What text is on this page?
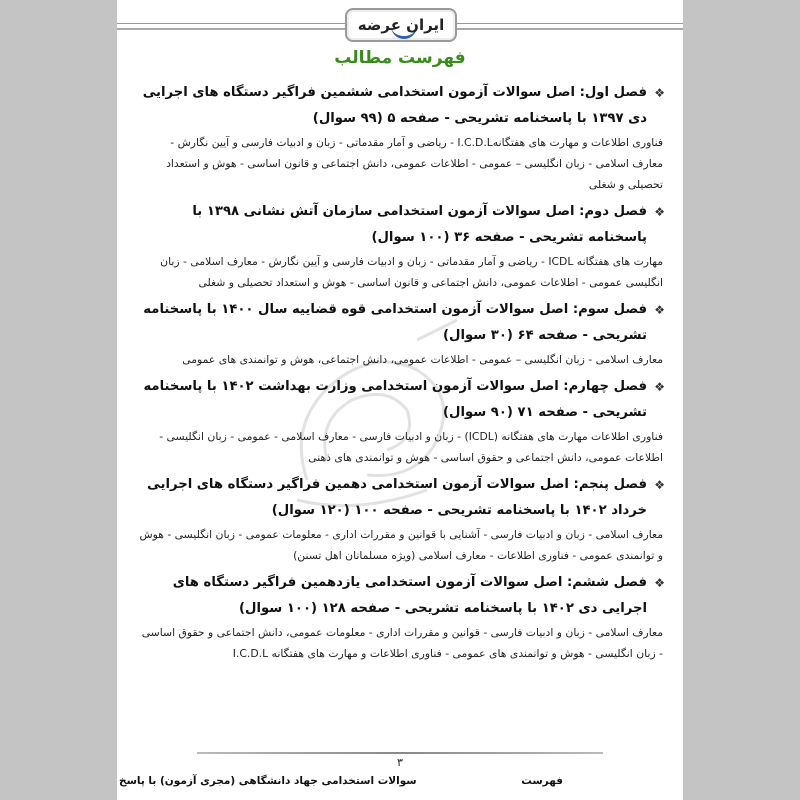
ایران عرضه
فهرست مطالب
❖
فصل اول: اصل سوالات آزمون استخدامی ششمین فراگیر دستگاه های اجرایی دی ۱۳۹۷ با پاسخنامه تشریحی - صفحه ۵ (۹۹ سوال)
فناوری اطلاعات و مهارت های هفتگانهI.C.D.L - ریاضی و آمار مقدماتی - زبان و ادبیات فارسی و آیین نگارش - معارف اسلامی - زبان انگلیسی – عمومی - اطلاعات عمومی، دانش اجتماعی و قانون اساسی - هوش و استعداد تحصیلی و شغلی
❖
فصل دوم: اصل سوالات آزمون استخدامی سازمان آتش نشانی ۱۳۹۸ با پاسخنامه تشریحی - صفحه ۳۶ (۱۰۰ سوال)
مهارت های هفتگانه ICDL - ریاضی و آمار مقدماتی - زبان و ادبیات فارسی و آیین نگارش - معارف اسلامی - زبان انگلیسی عمومی - اطلاعات عمومی، دانش اجتماعی و قانون اساسی - هوش و استعداد تحصیلی و شغلی
❖
فصل سوم: اصل سوالات آزمون استخدامی قوه قضاییه سال ۱۴۰۰ با پاسخنامه تشریحی - صفحه ۶۴ (۳۰ سوال)
معارف اسلامی - زبان انگلیسی – عمومی - اطلاعات عمومی، دانش اجتماعی، هوش و توانمندی های عمومی
❖
فصل چهارم: اصل سوالات آزمون استخدامی وزارت بهداشت ۱۴۰۲ با پاسخنامه تشریحی - صفحه ۷۱ (۹۰ سوال)
فناوری اطلاعات مهارت های هفتگانه (ICDL) - زبان و ادبیات فارسی - معارف اسلامی - عمومی - زبان انگلیسی - اطلاعات عمومی، دانش اجتماعی و حقوق اساسی - هوش و توانمندی های ذهنی
❖
فصل پنجم: اصل سوالات آزمون استخدامی دهمین فراگیر دستگاه های اجرایی خرداد ۱۴۰۲ با پاسخنامه تشریحی - صفحه ۱۰۰ (۱۲۰ سوال)
معارف اسلامی - زبان و ادبیات فارسی - آشنایی با قوانین و مقررات اداری - معلومات عمومی - زبان انگلیسی - هوش و توانمندی عمومی - فناوری اطلاعات - معارف اسلامی (ویژه مسلمانان اهل تسنن)
❖
فصل ششم: اصل سوالات آزمون استخدامی یازدهمین فراگیر دستگاه های اجرایی دی ۱۴۰۲ با پاسخنامه تشریحی - صفحه ۱۲۸ (۱۰۰ سوال)
معارف اسلامی - زبان و ادبیات فارسی - قوانین و مقررات اداری - معلومات عمومی، دانش اجتماعی و حقوق اساسی - زبان انگلیسی - هوش و توانمندی های عمومی - فناوری اطلاعات و مهارت های هفتگانه I.C.D.L
۳
فهرست
سوالات استخدامی جهاد دانشگاهی (مجری آزمون) با پاسخ
